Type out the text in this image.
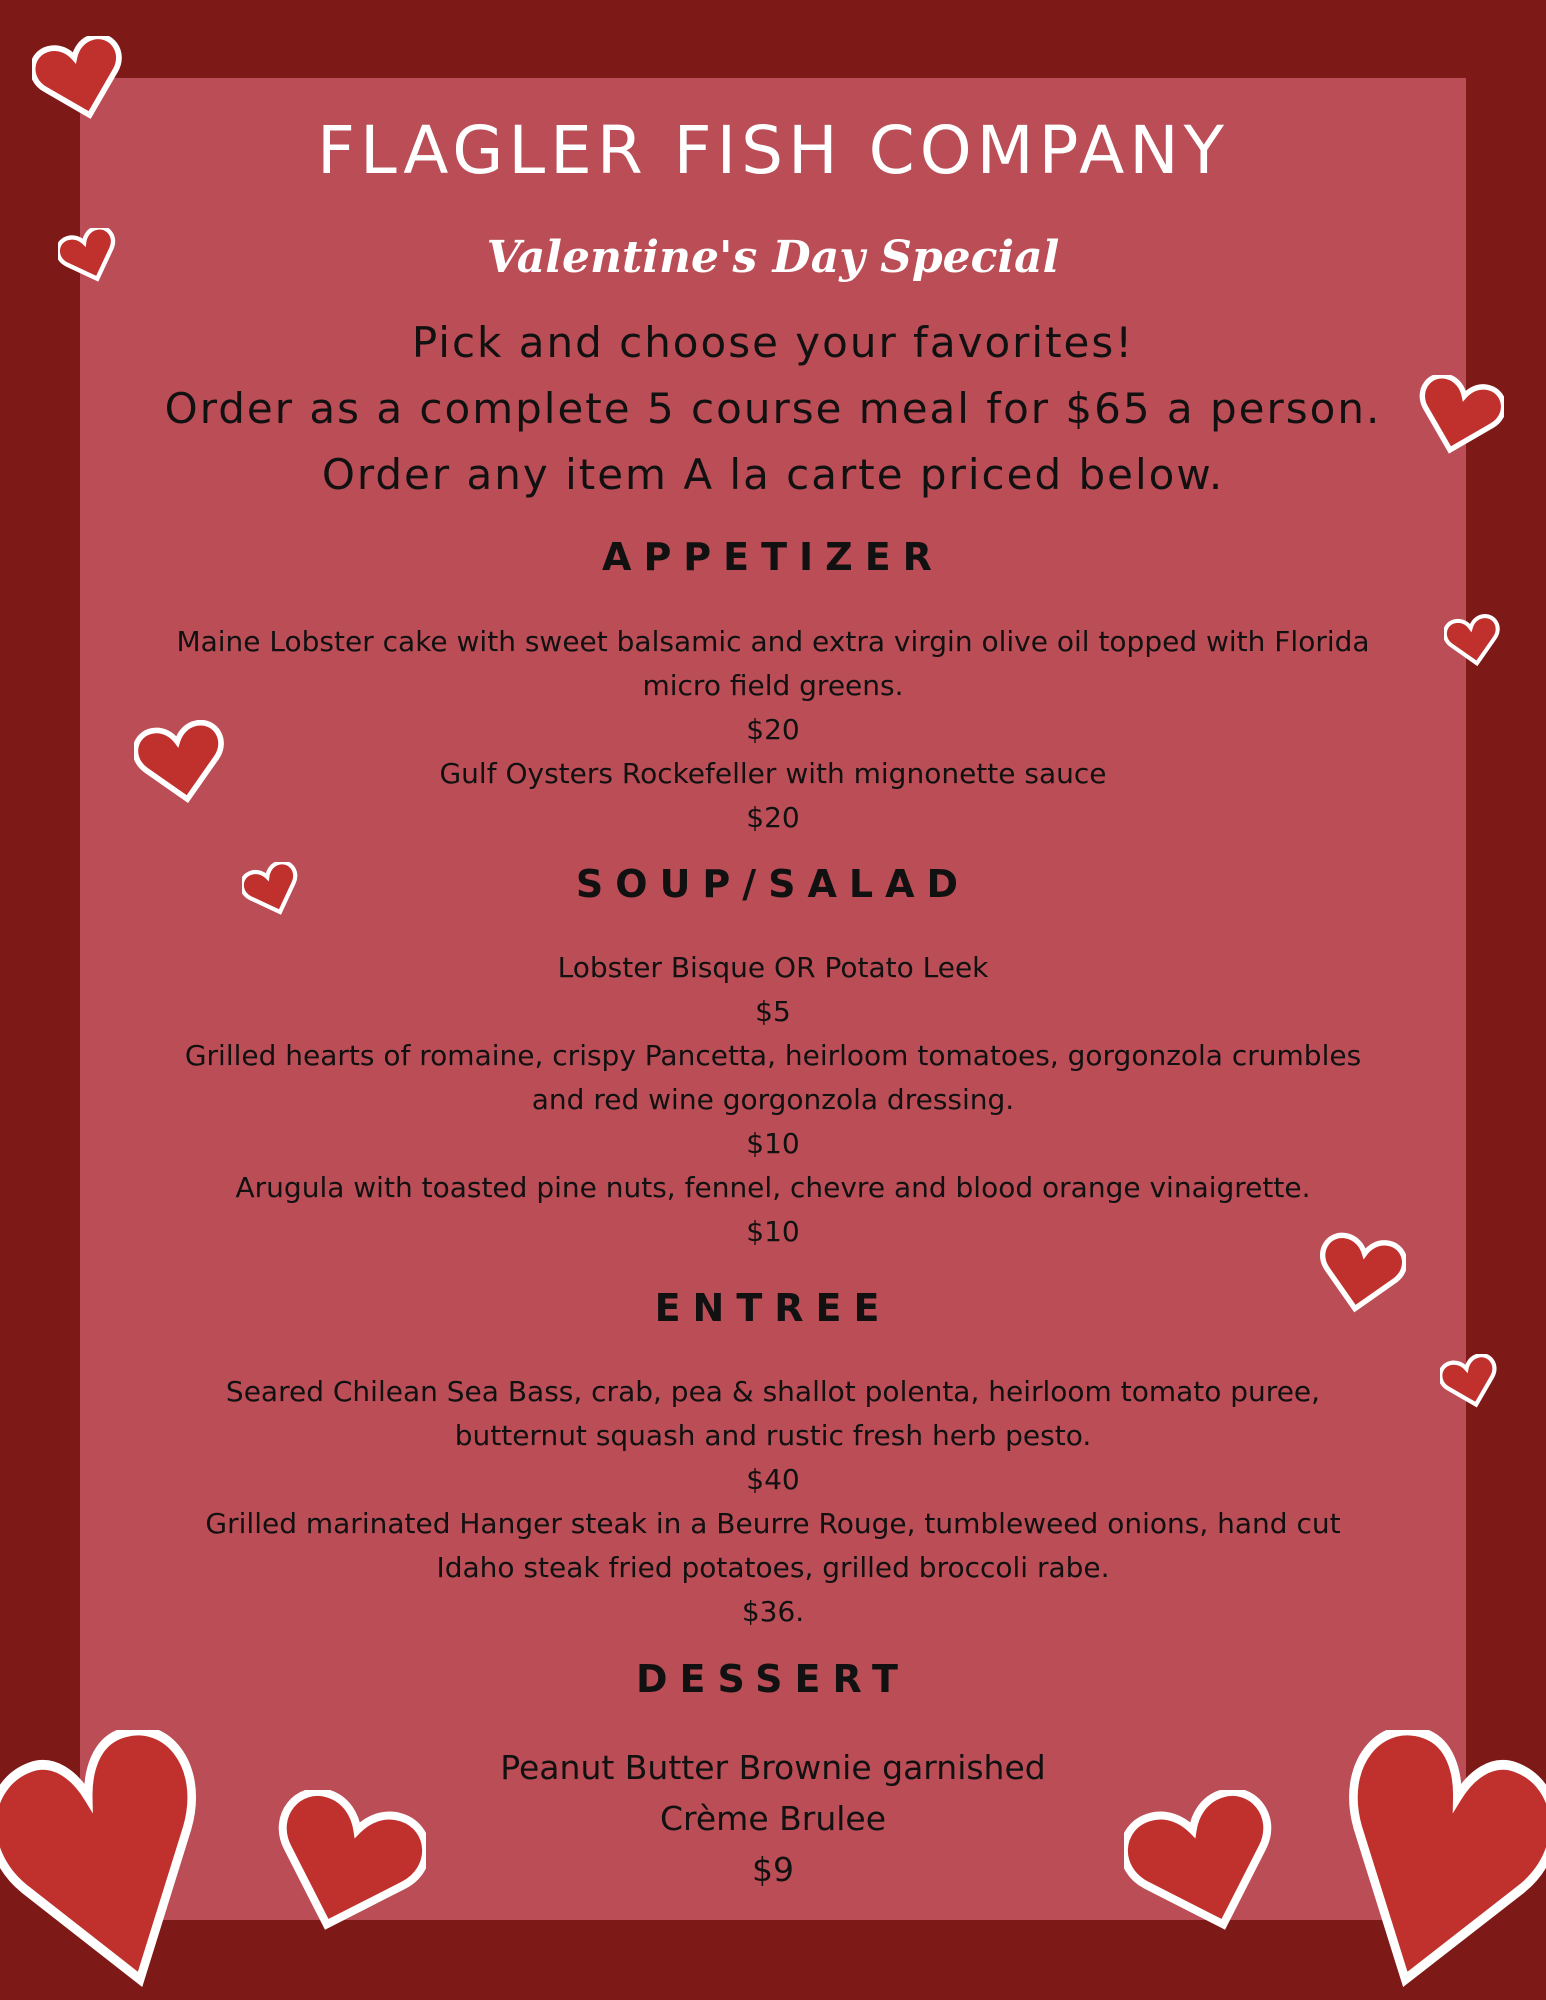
FLAGLER FISH COMPANY
Valentine's Day Special
Pick and choose your favorites!
Order as a complete 5 course meal for $65 a person.
Order any item A la carte priced below.
APPETIZER
Maine Lobster cake with sweet balsamic and extra virgin olive oil topped with Florida
micro field greens.
$20
Gulf Oysters Rockefeller with mignonette sauce
$20
SOUP/SALAD
Lobster Bisque OR Potato Leek
$5
Grilled hearts of romaine, crispy Pancetta, heirloom tomatoes, gorgonzola crumbles
and red wine gorgonzola dressing.
$10
Arugula with toasted pine nuts, fennel, chevre and blood orange vinaigrette.
$10
ENTREE
Seared Chilean Sea Bass, crab, pea & shallot polenta, heirloom tomato puree,
butternut squash and rustic fresh herb pesto.
$40
Grilled marinated Hanger steak in a Beurre Rouge, tumbleweed onions, hand cut
Idaho steak fried potatoes, grilled broccoli rabe.
$36.
DESSERT
Peanut Butter Brownie garnished
Crème Brulee
$9
